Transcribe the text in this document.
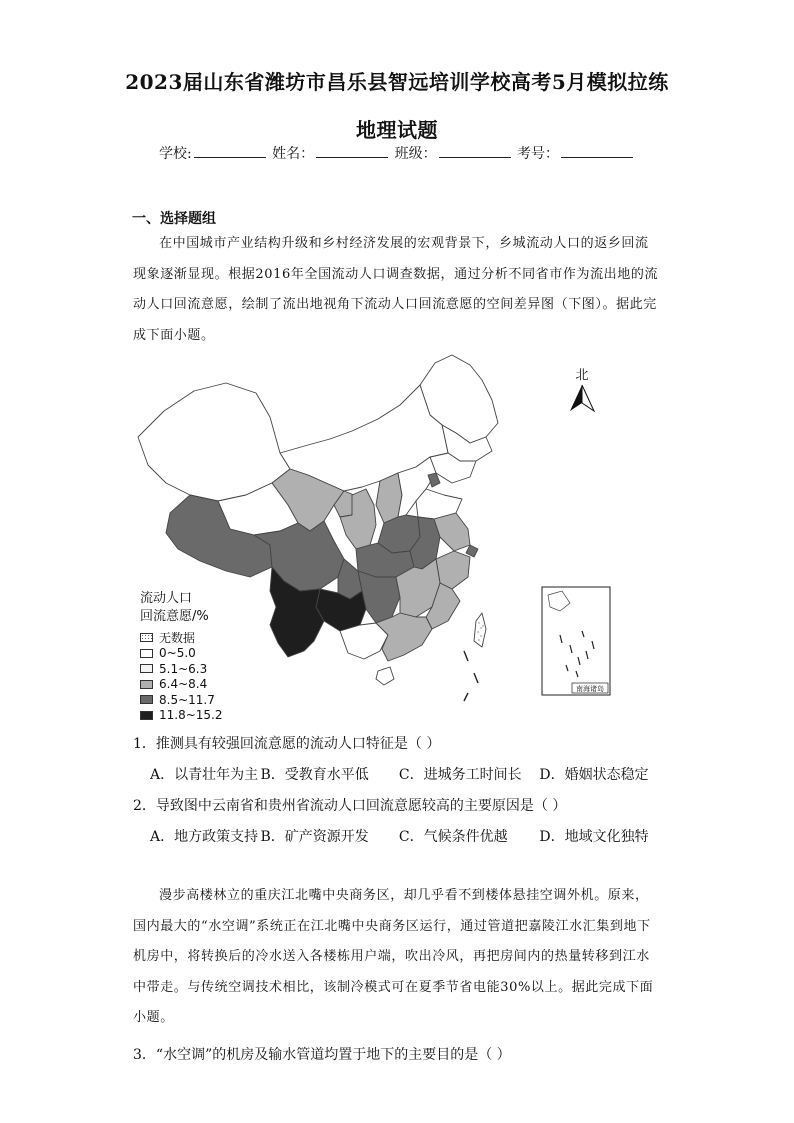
2023届山东省潍坊市昌乐县智远培训学校高考5月模拟拉练
地理试题
学校:	姓名：	班级：	考号：
一、选择题组
在中国城市产业结构升级和乡村经济发展的宏观背景下，乡城流动人口的返乡回流现象逐渐显现。根据2016年全国流动人口调查数据，通过分析不同省市作为流出地的流动人口回流意愿，绘制了流出地视角下流动人口回流意愿的空间差异图（下图）。据此完成下面小题。
北
南海诸岛
流动人口
回流意愿/%
无数据
0~5.0
5.1~6.3
6.4~8.4
8.5~11.7
11.8~15.2
1．推测具有较强回流意愿的流动人口特征是（ ）
A．以青壮年为主 B．受教育水平低 C．进城务工时间长 D．婚姻状态稳定
2．导致图中云南省和贵州省流动人口回流意愿较高的主要原因是（ ）
A．地方政策支持 B．矿产资源开发 C．气候条件优越 D．地域文化独特
漫步高楼林立的重庆江北嘴中央商务区，却几乎看不到楼体悬挂空调外机。原来，国内最大的“水空调”系统正在江北嘴中央商务区运行，通过管道把嘉陵江水汇集到地下机房中，将转换后的冷水送入各楼栋用户端，吹出冷风，再把房间内的热量转移到江水中带走。与传统空调技术相比，该制冷模式可在夏季节省电能30%以上。据此完成下面小题。
3．“水空调”的机房及输水管道均置于地下的主要目的是（ ）
